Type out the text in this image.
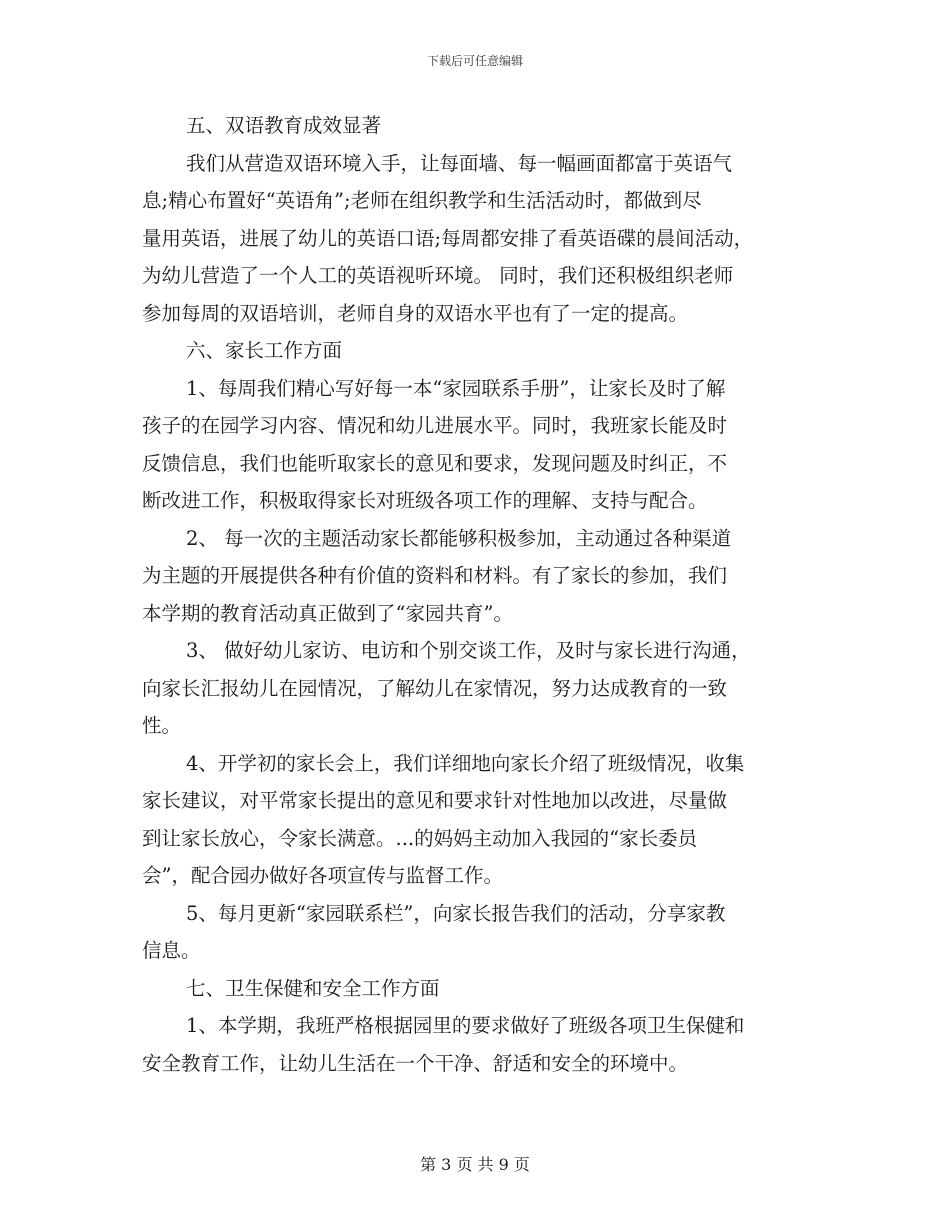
下载后可任意编辑
五、双语教育成效显著
我们从营造双语环境入手，让每面墙、每一幅画面都富于英语气
息;精心布置好“英语角”;老师在组织教学和生活活动时，都做到尽
量用英语，进展了幼儿的英语口语;每周都安排了看英语碟的晨间活动，
为幼儿营造了一个人工的英语视听环境。 同时，我们还积极组织老师
参加每周的双语培训，老师自身的双语水平也有了一定的提高。
六、家长工作方面
1、每周我们精心写好每一本“家园联系手册”，让家长及时了解
孩子的在园学习内容、情况和幼儿进展水平。同时，我班家长能及时
反馈信息，我们也能听取家长的意见和要求，发现问题及时纠正，不
断改进工作，积极取得家长对班级各项工作的理解、支持与配合。
2、 每一次的主题活动家长都能够积极参加，主动通过各种渠道
为主题的开展提供各种有价值的资料和材料。有了家长的参加，我们
本学期的教育活动真正做到了“家园共育”。
3、 做好幼儿家访、电访和个别交谈工作，及时与家长进行沟通，
向家长汇报幼儿在园情况，了解幼儿在家情况，努力达成教育的一致
性。
4、开学初的家长会上，我们详细地向家长介绍了班级情况，收集
家长建议，对平常家长提出的意见和要求针对性地加以改进，尽量做
到让家长放心，令家长满意。...的妈妈主动加入我园的“家长委员
会”，配合园办做好各项宣传与监督工作。
5、每月更新“家园联系栏”，向家长报告我们的活动，分享家教
信息。
七、卫生保健和安全工作方面
1、本学期，我班严格根据园里的要求做好了班级各项卫生保健和
安全教育工作，让幼儿生活在一个干净、舒适和安全的环境中。
第 3 页 共 9 页
